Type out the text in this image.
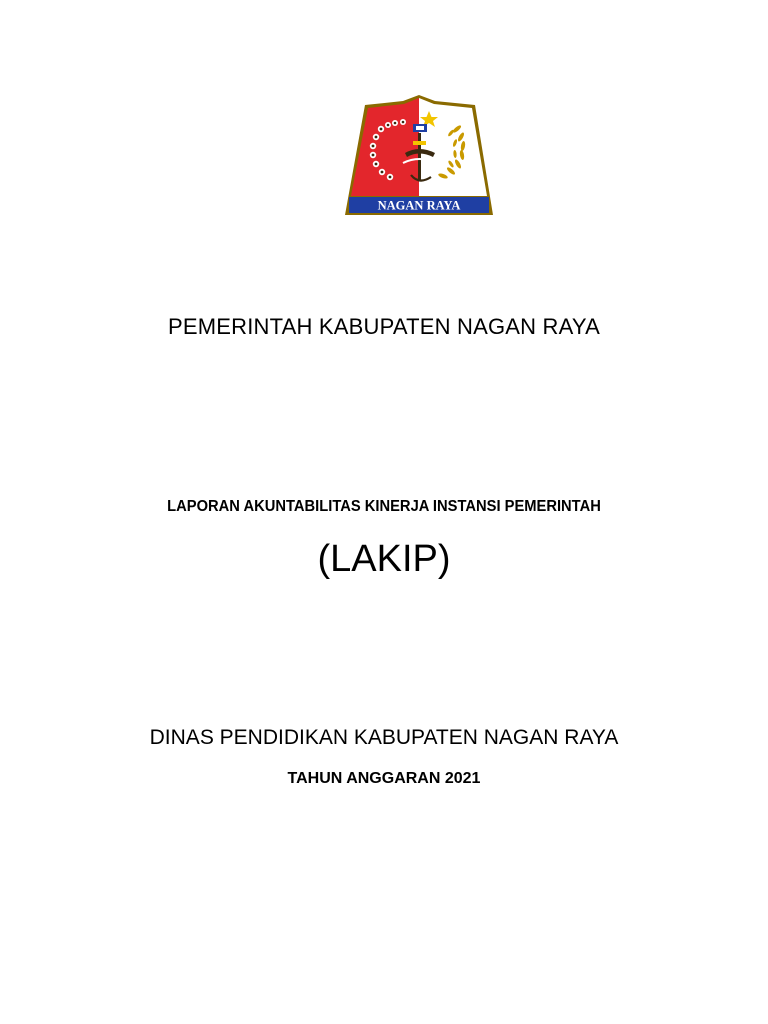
NAGAN RAYA
PEMERINTAH KABUPATEN NAGAN RAYA
LAPORAN AKUNTABILITAS KINERJA INSTANSI PEMERINTAH
(LAKIP)
DINAS PENDIDIKAN KABUPATEN NAGAN RAYA
TAHUN ANGGARAN 2021
